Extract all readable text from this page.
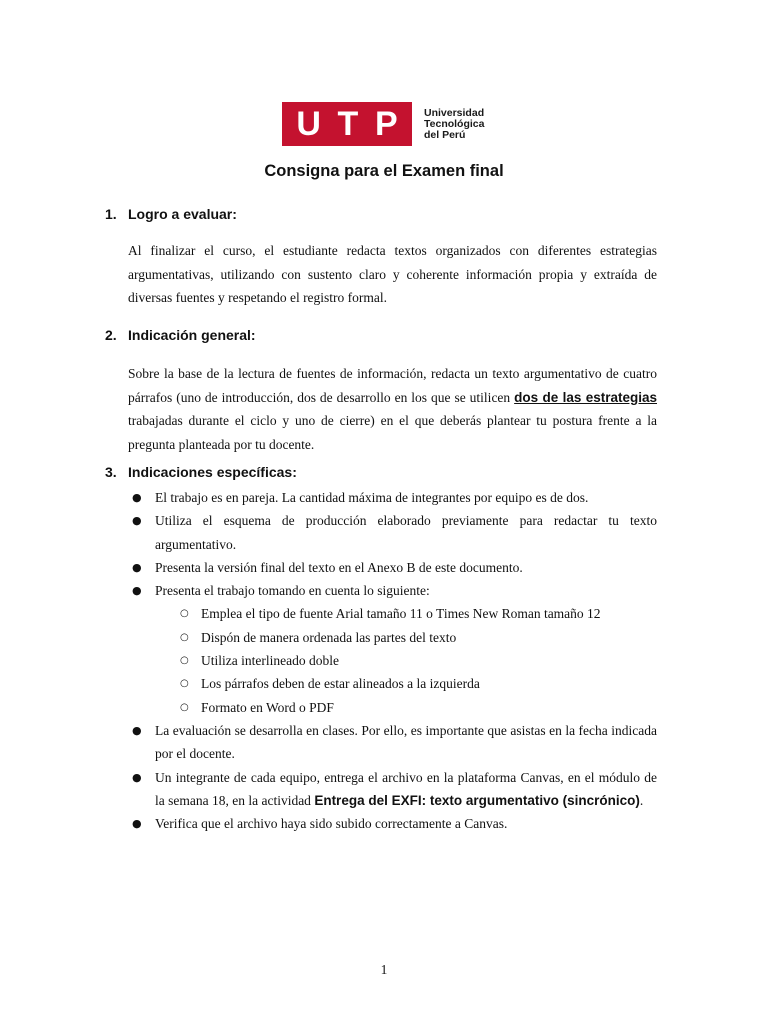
U T P	Universidad
Tecnológica
del Perú
Consigna para el Examen final
1. Logro a evaluar:
Al finalizar el curso, el estudiante redacta textos organizados con diferentes estrategias argumentativas, utilizando con sustento claro y coherente información propia y extraída de diversas fuentes y respetando el registro formal.
2. Indicación general:
Sobre la base de la lectura de fuentes de información, redacta un texto argumentativo de cuatro párrafos (uno de introducción, dos de desarrollo en los que se utilicen dos de las estrategias trabajadas durante el ciclo y uno de cierre) en el que deberás plantear tu postura frente a la pregunta planteada por tu docente.
3. Indicaciones específicas:
● El trabajo es en pareja. La cantidad máxima de integrantes por equipo es de dos.
● Utiliza el esquema de producción elaborado previamente para redactar tu texto argumentativo.
● Presenta la versión final del texto en el Anexo B de este documento.
● Presenta el trabajo tomando en cuenta lo siguiente:
○ Emplea el tipo de fuente Arial tamaño 11 o Times New Roman tamaño 12
○ Dispón de manera ordenada las partes del texto
○ Utiliza interlineado doble
○ Los párrafos deben de estar alineados a la izquierda
○ Formato en Word o PDF
● La evaluación se desarrolla en clases. Por ello, es importante que asistas en la fecha indicada por el docente.
● Un integrante de cada equipo, entrega el archivo en la plataforma Canvas, en el módulo de la semana 18, en la actividad Entrega del EXFI: texto argumentativo (sincrónico).
● Verifica que el archivo haya sido subido correctamente a Canvas.
1
